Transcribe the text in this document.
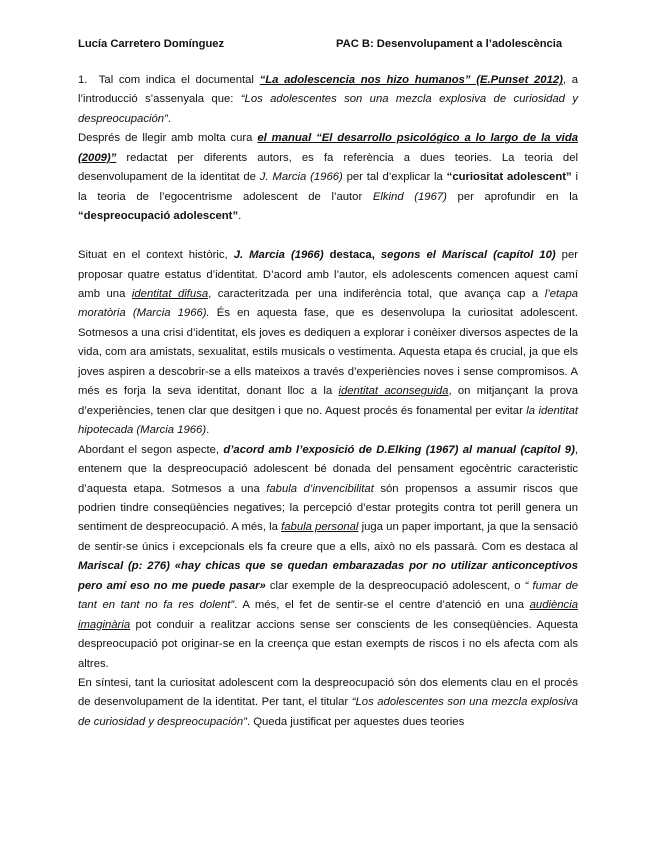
Lucía Carretero Domínguez	PAC B: Desenvolupament a l’adolescència

1. Tal com indica el documental “La adolescencia nos hizo humanos” (E.Punset 2012), a l’introducció s’assenyala que: “Los adolescentes son una mezcla explosiva de curiosidad y despreocupación”.

Després de llegir amb molta cura el manual “El desarrollo psicológico a lo largo de la vida (2009)” redactat per diferents autors, es fa referència a dues teories. La teoria del desenvolupament de la identitat de J. Marcia (1966) per tal d’explicar la “curiositat adolescent” i la teoria de l’egocentrisme adolescent de l’autor Elkind (1967) per aprofundir en la “despreocupació adolescent”.

Situat en el context històric, J. Marcia (1966) destaca, segons el Mariscal (capítol 10) per proposar quatre estatus d’identitat. D’acord amb l’autor, els adolescents comencen aquest camí amb una identitat difusa, caracteritzada per una indiferència total, que avança cap a l’etapa moratòria (Marcia 1966). És en aquesta fase, que es desenvolupa la curiositat adolescent. Sotmesos a una crisi d’identitat, els joves es dediquen a explorar i conèixer diversos aspectes de la vida, com ara amistats, sexualitat, estils musicals o vestimenta. Aquesta etapa és crucial, ja que els joves aspiren a descobrir-se a ells mateixos a través d’experiències noves i sense compromisos. A més es forja la seva identitat, donant lloc a la identitat aconseguida, on mitjançant la prova d’experiències, tenen clar que desitgen i que no. Aquest procés és fonamental per evitar la identitat hipotecada (Marcia 1966).

Abordant el segon aspecte, d’acord amb l’exposició de D.Elking (1967) al manual (capítol 9), entenem que la despreocupació adolescent bé donada del pensament egocèntric caracteristic d’aquesta etapa. Sotmesos a una fabula d’invencibilitat són propensos a assumir riscos que podrien tindre conseqüències negatives; la percepció d’estar protegits contra tot perill genera un sentiment de despreocupació. A més, la fabula personal juga un paper important, ja que la sensació de sentir-se únics i excepcionals els fa creure que a ells, això no els passarà. Com es destaca al Mariscal (p: 276) «hay chicas que se quedan embarazadas por no utilizar anticonceptivos pero amí eso no me puede pasar» clar exemple de la despreocupació adolescent, o “ fumar de tant en tant no fa res dolent”. A més, el fet de sentir-se el centre d’atenció en una audiència imaginària pot conduir a realitzar accions sense ser conscients de les conseqüències. Aquesta despreocupació pot originar-se en la creença que estan exempts de riscos i no els afecta com als altres.

En síntesi, tant la curiositat adolescent com la despreocupació són dos elements clau en el procés de desenvolupament de la identitat. Per tant, el titular “Los adolescentes son una mezcla explosiva de curiosidad y despreocupación”. Queda justificat per aquestes dues teories
